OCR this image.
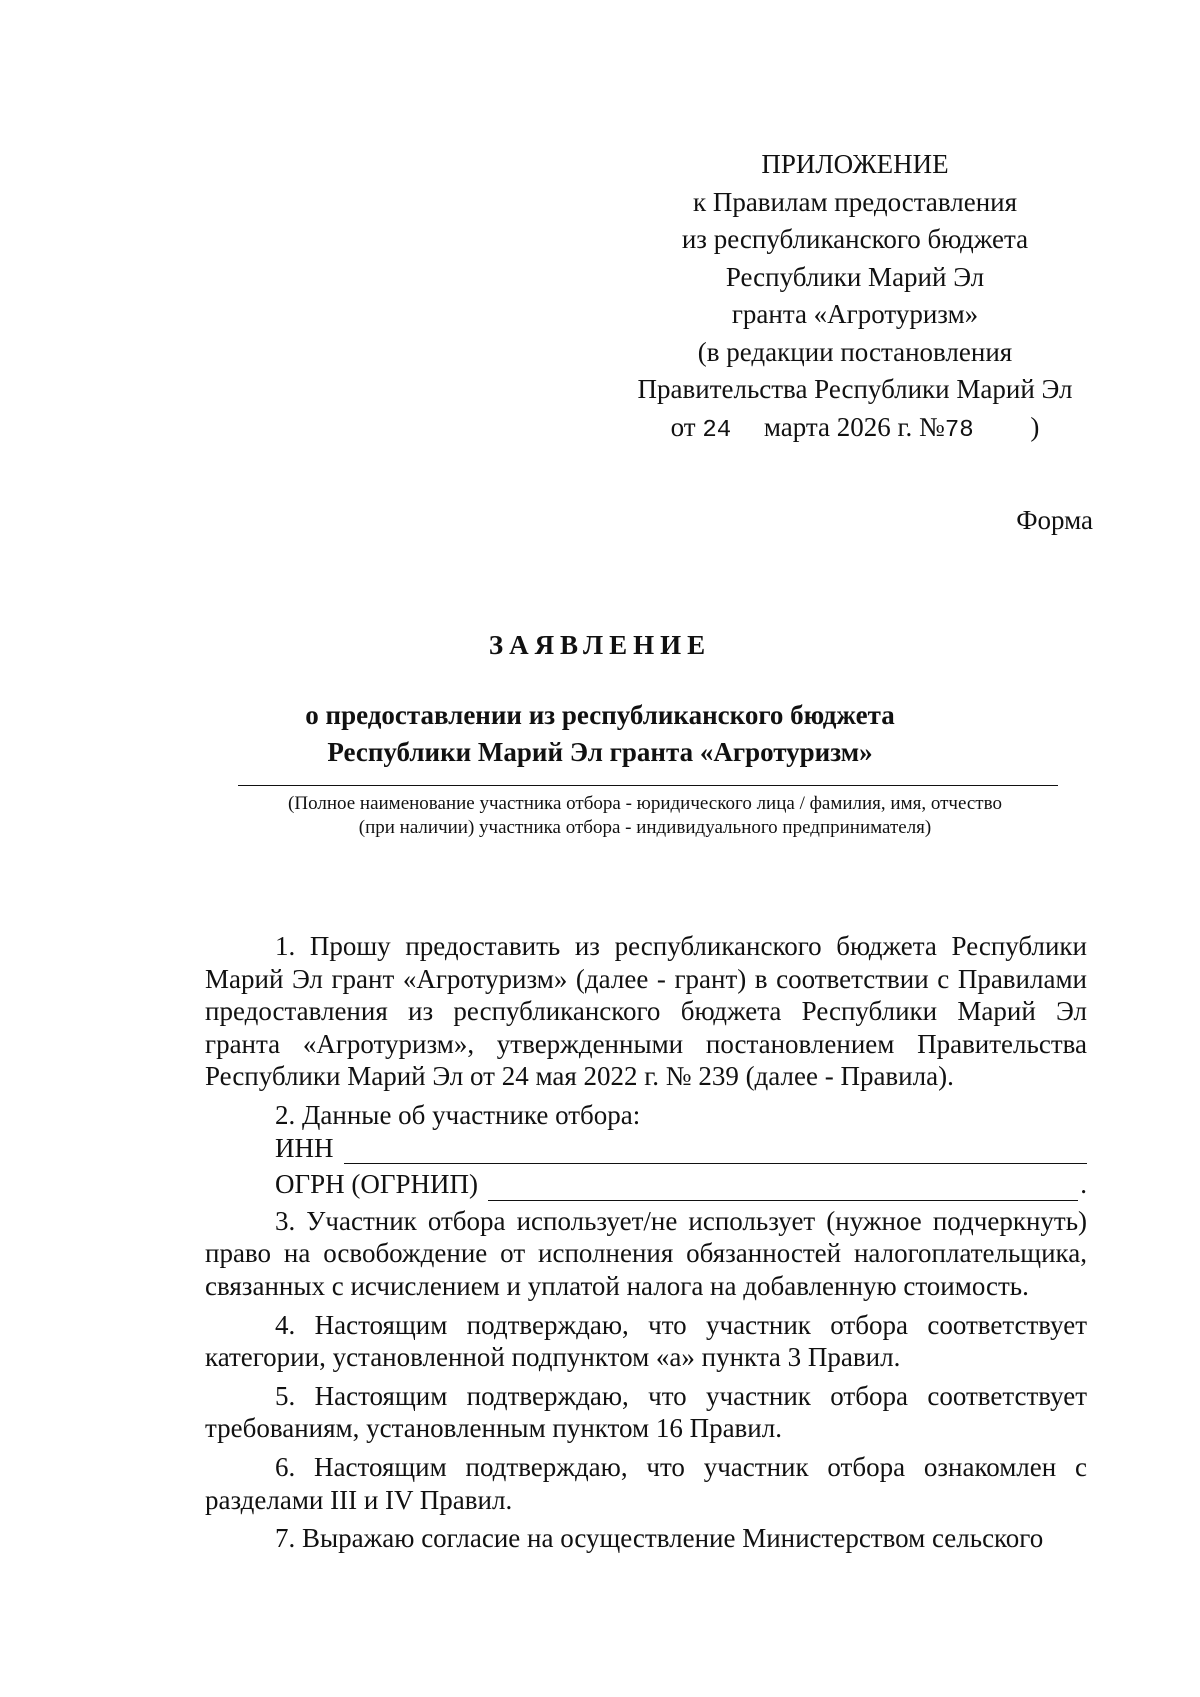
ПРИЛОЖЕНИЕ
к Правилам предоставления
из республиканского бюджета
Республики Марий Эл
гранта «Агротуризм»
(в редакции постановления
Правительства Республики Марий Эл
от 24 марта 2026 г. №78 )
Форма
ЗАЯВЛЕНИЕ
о предоставлении из республиканского бюджета
Республики Марий Эл гранта «Агротуризм»
(Полное наименование участника отбора - юридического лица / фамилия, имя, отчество
(при наличии) участника отбора - индивидуального предпринимателя)

1. Прошу предоставить из республиканского бюджета Республики Марий Эл грант «Агротуризм» (далее - грант) в соответствии с Правилами предоставления из республиканского бюджета Республики Марий Эл гранта «Агротуризм», утвержденными постановлением Правительства Республики Марий Эл от 24 мая 2022 г. № 239 (далее - Правила).

2. Данные об участнике отбора:

ИНН
ОГРН (ОГРНИП)	.

3. Участник отбора использует/не использует (нужное подчеркнуть) право на освобождение от исполнения обязанностей налогоплательщика, связанных с исчислением и уплатой налога на добавленную стоимость.

4. Настоящим подтверждаю, что участник отбора соответствует категории, установленной подпунктом «а» пункта 3 Правил.

5. Настоящим подтверждаю, что участник отбора соответствует требованиям, установленным пунктом 16 Правил.

6. Настоящим подтверждаю, что участник отбора ознакомлен с разделами III и IV Правил.

7. Выражаю согласие на осуществление Министерством сельского
